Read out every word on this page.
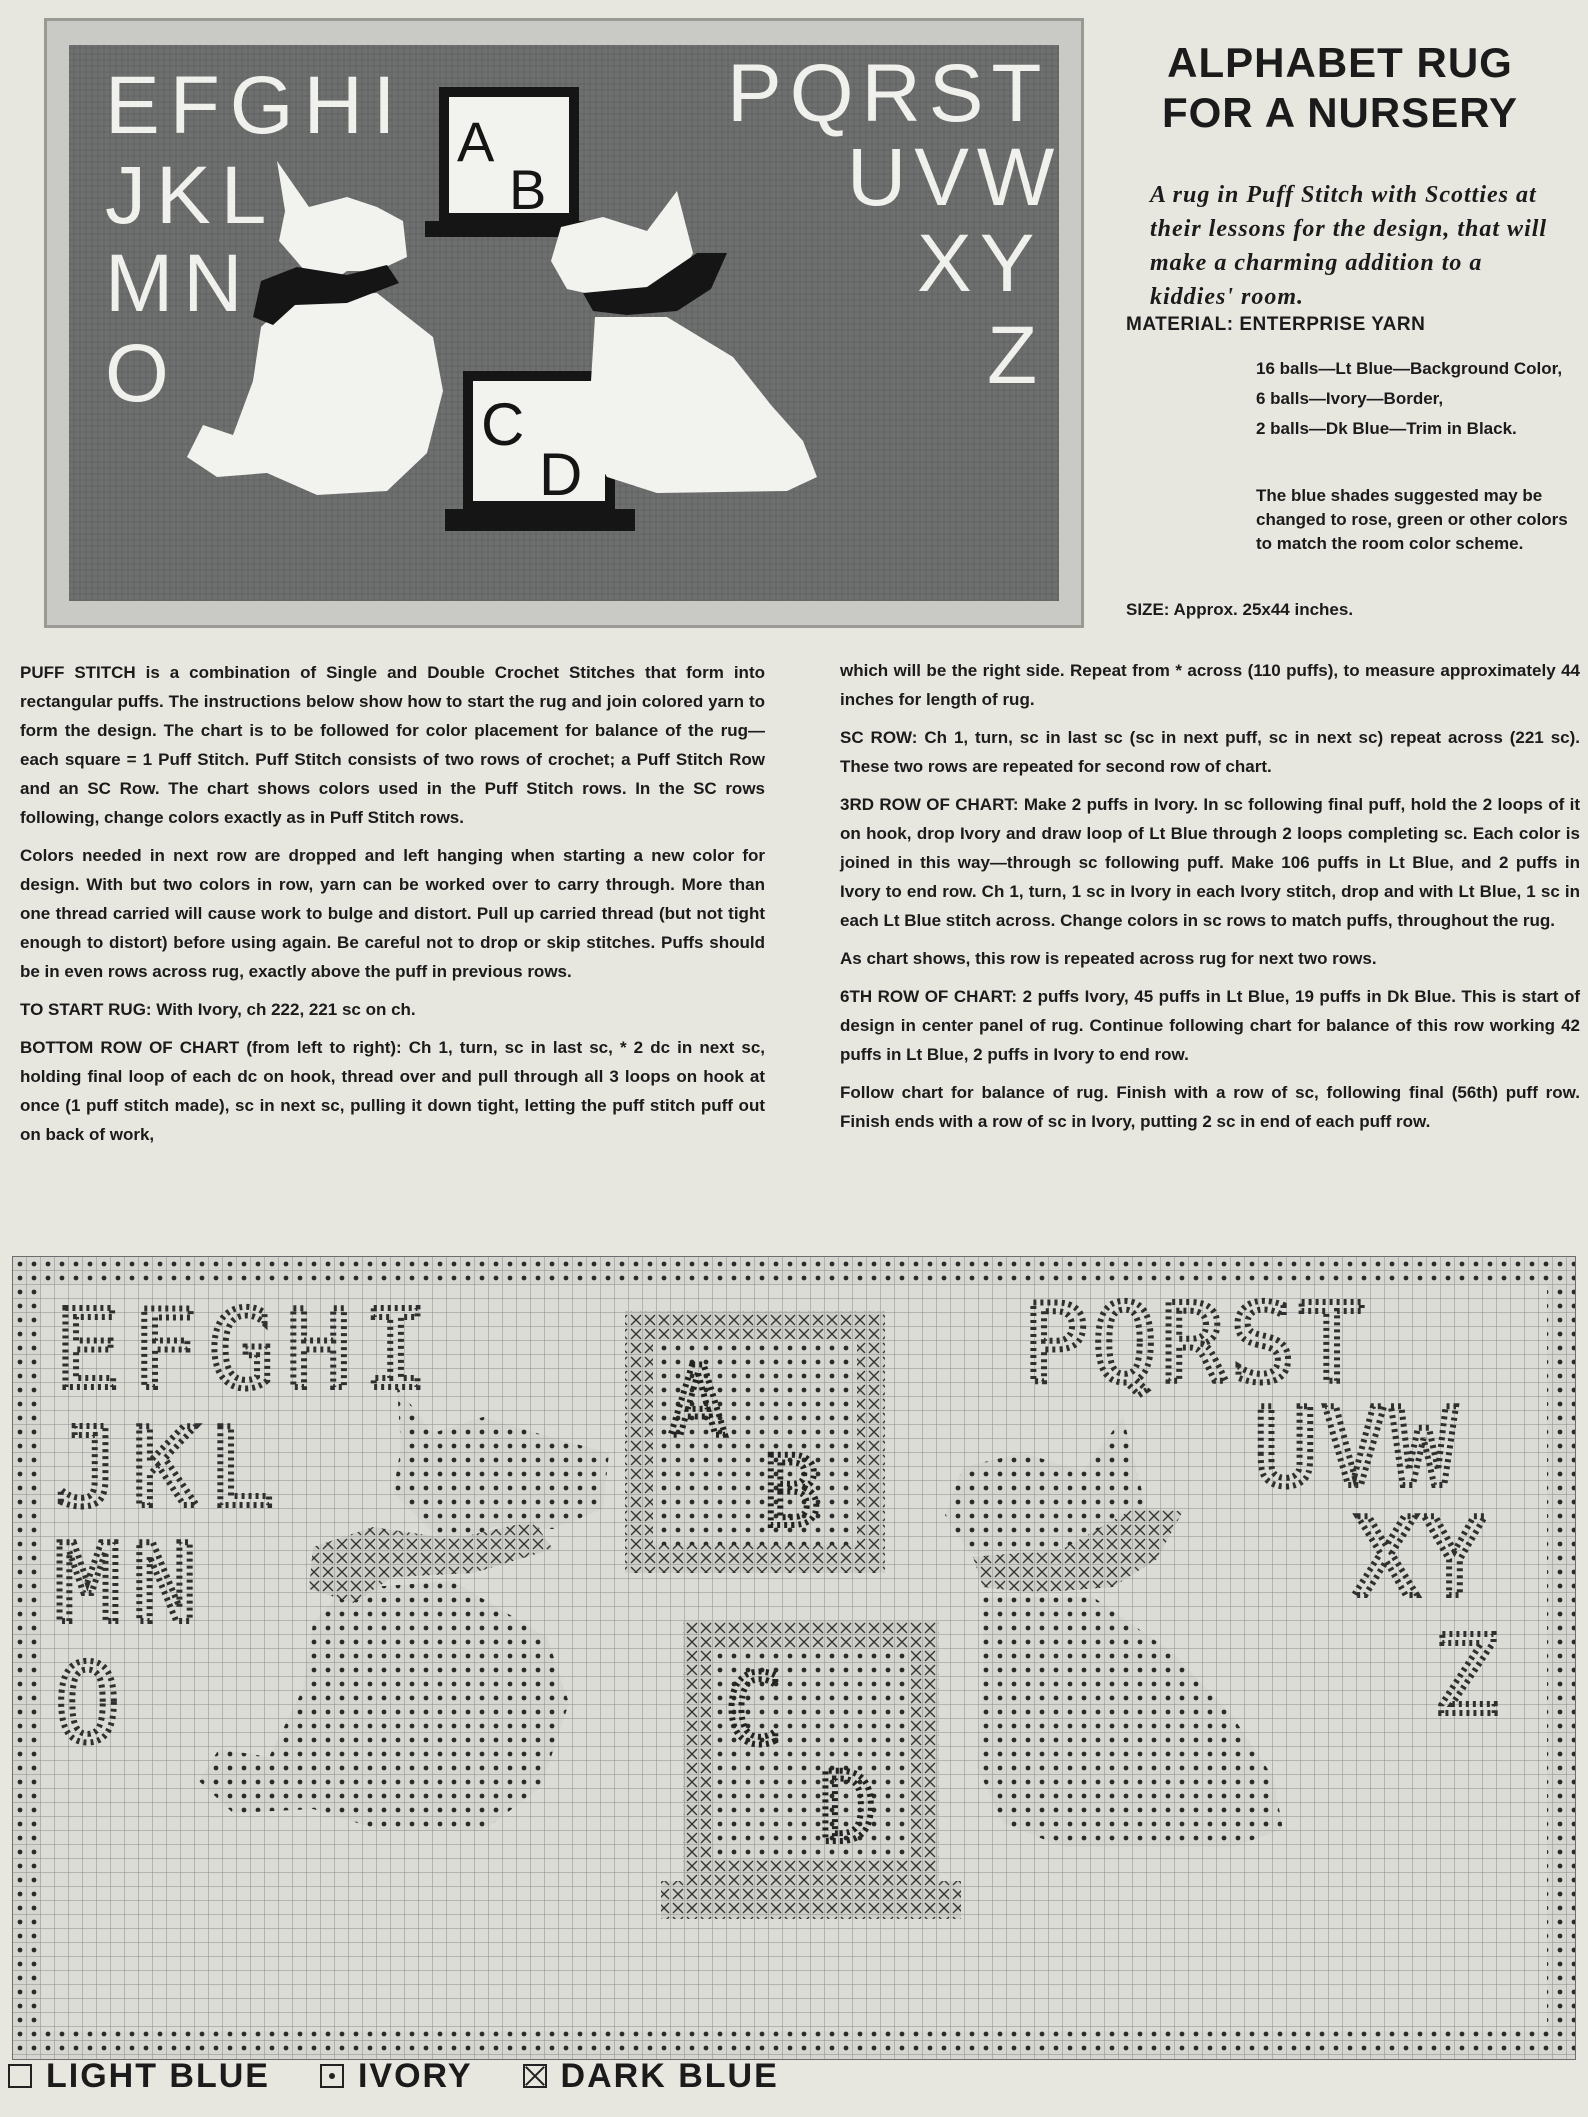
EFGHI
JKL
MN
O
PQRST
UVW
XY
Z
A
B
C
D
ALPHABET RUG FOR A NURSERY
A rug in Puff Stitch with Scotties at their lessons for the design, that will make a charming addition to a kiddies' room.
MATERIAL: ENTERPRISE YARN
16 balls—Lt Blue—Background Color,
6 balls—Ivory—Border,
2 balls—Dk Blue—Trim in Black.
The blue shades suggested may be changed to rose, green or other colors to match the room color scheme.
SIZE: Approx. 25x44 inches.

PUFF STITCH is a combination of Single and Double Crochet Stitches that form into rectangular puffs. The instructions below show how to start the rug and join colored yarn to form the design. The chart is to be followed for color placement for balance of the rug—each square = 1 Puff Stitch. Puff Stitch consists of two rows of crochet; a Puff Stitch Row and an SC Row. The chart shows colors used in the Puff Stitch rows. In the SC rows following, change colors exactly as in Puff Stitch rows.

Colors needed in next row are dropped and left hanging when starting a new color for design. With but two colors in row, yarn can be worked over to carry through. More than one thread carried will cause work to bulge and distort. Pull up carried thread (but not tight enough to distort) before using again. Be careful not to drop or skip stitches. Puffs should be in even rows across rug, exactly above the puff in previous rows.

TO START RUG: With Ivory, ch 222, 221 sc on ch.

BOTTOM ROW OF CHART (from left to right): Ch 1, turn, sc in last sc, * 2 dc in next sc, holding final loop of each dc on hook, thread over and pull through all 3 loops on hook at once (1 puff stitch made), sc in next sc, pulling it down tight, letting the puff stitch puff out on back of work,

which will be the right side. Repeat from * across (110 puffs), to measure approximately 44 inches for length of rug.

SC ROW: Ch 1, turn, sc in last sc (sc in next puff, sc in next sc) repeat across (221 sc). These two rows are repeated for second row of chart.

3RD ROW OF CHART: Make 2 puffs in Ivory. In sc following final puff, hold the 2 loops of it on hook, drop Ivory and draw loop of Lt Blue through 2 loops completing sc. Each color is joined in this way—through sc following puff. Make 106 puffs in Lt Blue, and 2 puffs in Ivory to end row. Ch 1, turn, 1 sc in Ivory in each Ivory stitch, drop and with Lt Blue, 1 sc in each Lt Blue stitch across. Change colors in sc rows to match puffs, throughout the rug.

As chart shows, this row is repeated across rug for next two rows.

6TH ROW OF CHART: 2 puffs Ivory, 45 puffs in Lt Blue, 19 puffs in Dk Blue. This is start of design in center panel of rug. Continue following chart for balance of this row working 42 puffs in Lt Blue, 2 puffs in Ivory to end row.

Follow chart for balance of rug. Finish with a row of sc, following final (56th) puff row. Finish ends with a row of sc in Ivory, putting 2 sc in end of each puff row.

EFGHI
JKL
MN
O
PQRST
UVW
XY
Z
A
B
C
D
LIGHT BLUE	IVORY	DARK BLUE
